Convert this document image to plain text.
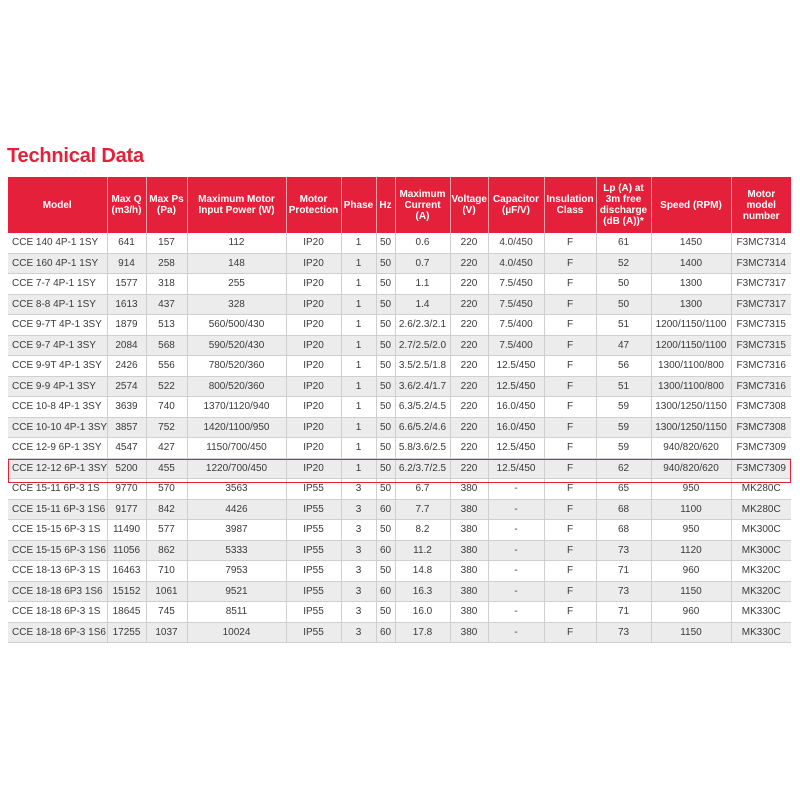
Technical Data
Model	Max Q (m3/h)	Max Ps (Pa)	Maximum Motor Input Power (W)	Motor Protection	Phase	Hz	Maximum Current (A)	Voltage (V)	Capacitor (µF/V)	Insulation Class	Lp (A) at 3m free discharge (dB (A))*	Speed (RPM)	Motor model number
CCE 140 4P-1 1SY	641	157	112	IP20	1	50	0.6	220	4.0/450	F	61	1450	F3MC7314
CCE 160 4P-1 1SY	914	258	148	IP20	1	50	0.7	220	4.0/450	F	52	1400	F3MC7314
CCE 7-7 4P-1 1SY	1577	318	255	IP20	1	50	1.1	220	7.5/450	F	50	1300	F3MC7317
CCE 8-8 4P-1 1SY	1613	437	328	IP20	1	50	1.4	220	7.5/450	F	50	1300	F3MC7317
CCE 9-7T 4P-1 3SY	1879	513	560/500/430	IP20	1	50	2.6/2.3/2.1	220	7.5/400	F	51	1200/1150/1100	F3MC7315
CCE 9-7 4P-1 3SY	2084	568	590/520/430	IP20	1	50	2.7/2.5/2.0	220	7.5/400	F	47	1200/1150/1100	F3MC7315
CCE 9-9T 4P-1 3SY	2426	556	780/520/360	IP20	1	50	3.5/2.5/1.8	220	12.5/450	F	56	1300/1100/800	F3MC7316
CCE 9-9 4P-1 3SY	2574	522	800/520/360	IP20	1	50	3.6/2.4/1.7	220	12.5/450	F	51	1300/1100/800	F3MC7316
CCE 10-8 4P-1 3SY	3639	740	1370/1120/940	IP20	1	50	6.3/5.2/4.5	220	16.0/450	F	59	1300/1250/1150	F3MC7308
CCE 10-10 4P-1 3SY	3857	752	1420/1100/950	IP20	1	50	6.6/5.2/4.6	220	16.0/450	F	59	1300/1250/1150	F3MC7308
CCE 12-9 6P-1 3SY	4547	427	1150/700/450	IP20	1	50	5.8/3.6/2.5	220	12.5/450	F	59	940/820/620	F3MC7309
CCE 12-12 6P-1 3SY	5200	455	1220/700/450	IP20	1	50	6.2/3.7/2.5	220	12.5/450	F	62	940/820/620	F3MC7309
CCE 15-11 6P-3 1S	9770	570	3563	IP55	3	50	6.7	380	-	F	65	950	MK280C
CCE 15-11 6P-3 1S6	9177	842	4426	IP55	3	60	7.7	380	-	F	68	1100	MK280C
CCE 15-15 6P-3 1S	11490	577	3987	IP55	3	50	8.2	380	-	F	68	950	MK300C
CCE 15-15 6P-3 1S6	11056	862	5333	IP55	3	60	11.2	380	-	F	73	1120	MK300C
CCE 18-13 6P-3 1S	16463	710	7953	IP55	3	50	14.8	380	-	F	71	960	MK320C
CCE 18-18 6P3 1S6	15152	1061	9521	IP55	3	60	16.3	380	-	F	73	1150	MK320C
CCE 18-18 6P-3 1S	18645	745	8511	IP55	3	50	16.0	380	-	F	71	960	MK330C
CCE 18-18 6P-3 1S6	17255	1037	10024	IP55	3	60	17.8	380	-	F	73	1150	MK330C
